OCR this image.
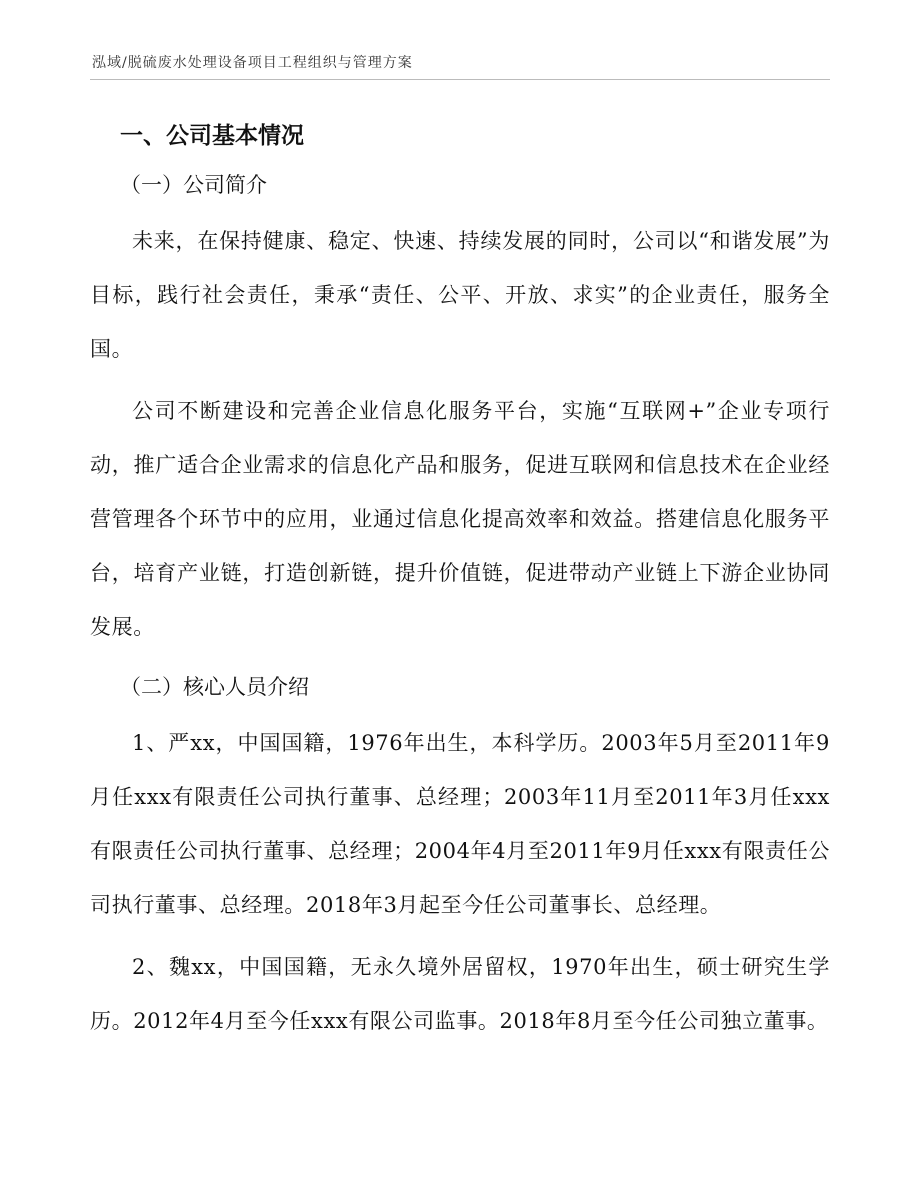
泓域/脱硫废水处理设备项目工程组织与管理方案
一、公司基本情况
（一）公司简介

未来，在保持健康、稳定、快速、持续发展的同时，公司以“和谐发展”为目标，践行社会责任，秉承“责任、公平、开放、求实”的企业责任，服务全国。

公司不断建设和完善企业信息化服务平台，实施“互联网+”企业专项行动，推广适合企业需求的信息化产品和服务，促进互联网和信息技术在企业经营管理各个环节中的应用，业通过信息化提高效率和效益。搭建信息化服务平台，培育产业链，打造创新链，提升价值链，促进带动产业链上下游企业协同发展。

（二）核心人员介绍

1、严xx，中国国籍，1976年出生，本科学历。2003年5月至2011年9月任xxx有限责任公司执行董事、总经理；2003年11月至2011年3月任xxx有限责任公司执行董事、总经理；2004年4月至2011年9月任xxx有限责任公司执行董事、总经理。2018年3月起至今任公司董事长、总经理。

2、魏xx，中国国籍，无永久境外居留权，1970年出生，硕士研究生学历。2012年4月至今任xxx有限公司监事。2018年8月至今任公司独立董事。
